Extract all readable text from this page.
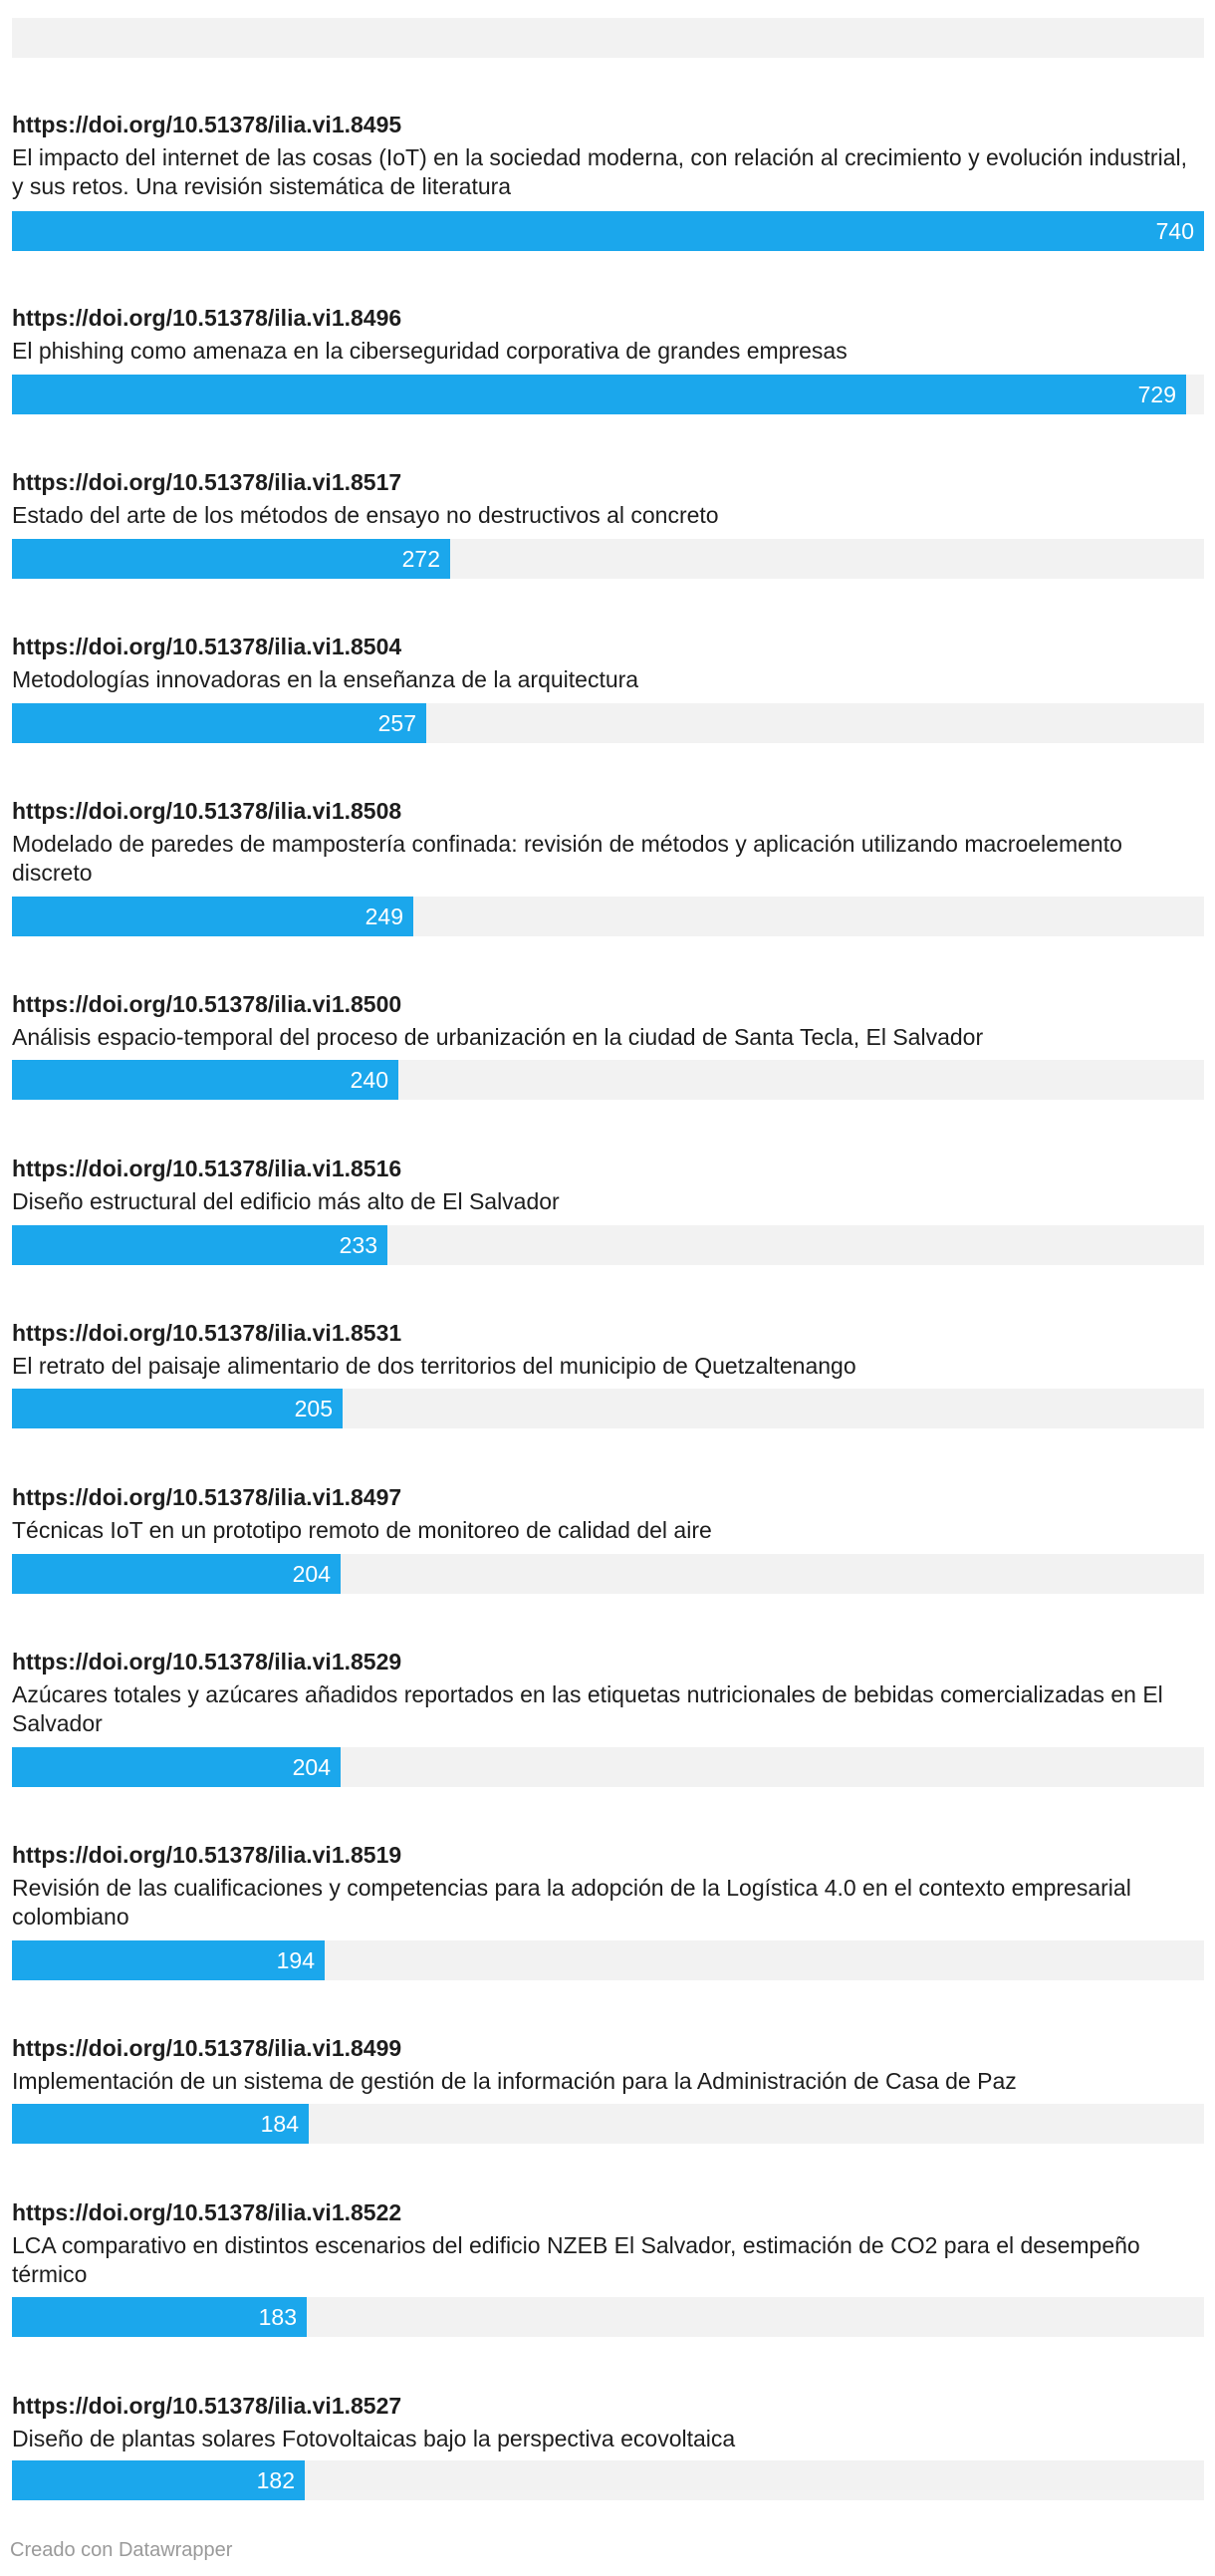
https://doi.org/10.51378/ilia.vi1.8495

El impacto del internet de las cosas (IoT) en la sociedad moderna, con relación al crecimiento y evolución industrial, y sus retos. Una revisión sistemática de literatura

740

https://doi.org/10.51378/ilia.vi1.8496

El phishing como amenaza en la ciberseguridad corporativa de grandes empresas

729

https://doi.org/10.51378/ilia.vi1.8517

Estado del arte de los métodos de ensayo no destructivos al concreto

272

https://doi.org/10.51378/ilia.vi1.8504

Metodologías innovadoras en la enseñanza de la arquitectura

257

https://doi.org/10.51378/ilia.vi1.8508

Modelado de paredes de mampostería confinada: revisión de métodos y aplicación utilizando macroelemento discreto

249

https://doi.org/10.51378/ilia.vi1.8500

Análisis espacio-temporal del proceso de urbanización en la ciudad de Santa Tecla, El Salvador

240

https://doi.org/10.51378/ilia.vi1.8516

Diseño estructural del edificio más alto de El Salvador

233

https://doi.org/10.51378/ilia.vi1.8531

El retrato del paisaje alimentario de dos territorios del municipio de Quetzaltenango

205

https://doi.org/10.51378/ilia.vi1.8497

Técnicas IoT en un prototipo remoto de monitoreo de calidad del aire

204

https://doi.org/10.51378/ilia.vi1.8529

Azúcares totales y azúcares añadidos reportados en las etiquetas nutricionales de bebidas comercializadas en El Salvador

204

https://doi.org/10.51378/ilia.vi1.8519

Revisión de las cualificaciones y competencias para la adopción de la Logística 4.0 en el contexto empresarial colombiano

194

https://doi.org/10.51378/ilia.vi1.8499

Implementación de un sistema de gestión de la información para la Administración de Casa de Paz

184

https://doi.org/10.51378/ilia.vi1.8522

LCA comparativo en distintos escenarios del edificio NZEB El Salvador, estimación de CO2 para el desempeño térmico

183

https://doi.org/10.51378/ilia.vi1.8527

Diseño de plantas solares Fotovoltaicas bajo la perspectiva ecovoltaica

182
Creado con Datawrapper
